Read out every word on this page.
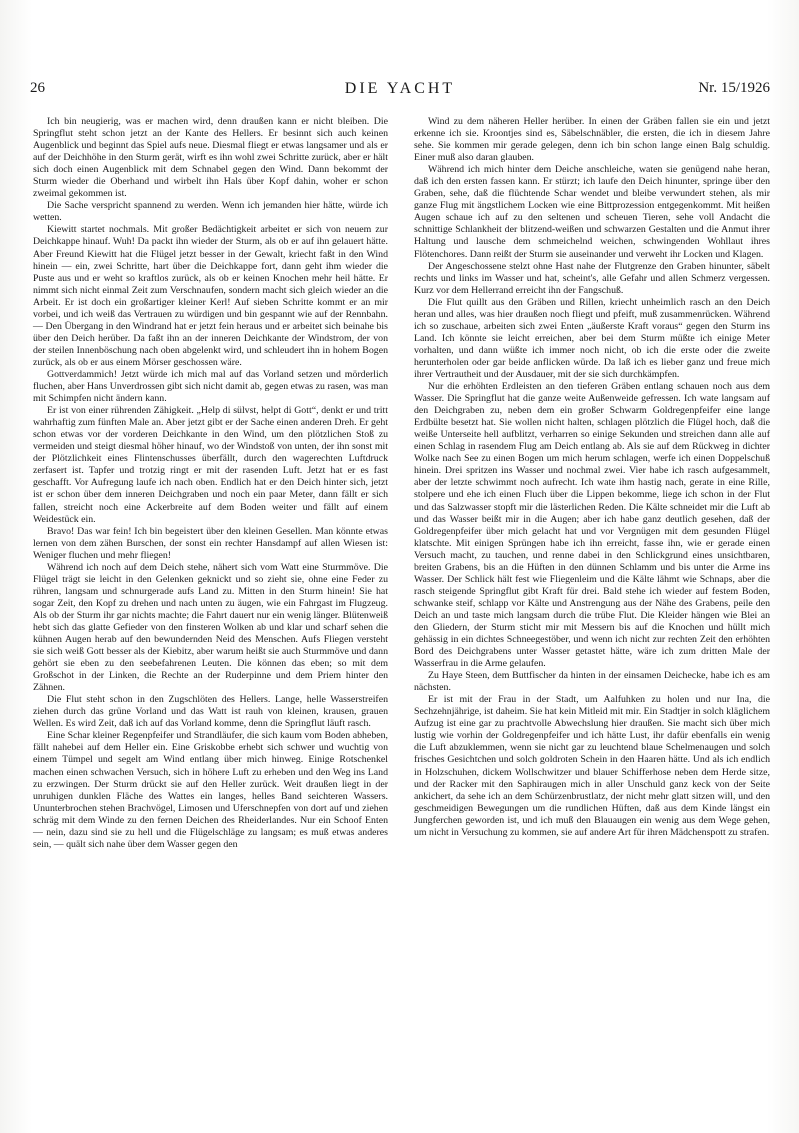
26	DIE YACHT	Nr. 15/1926

Ich bin neugierig, was er machen wird, denn draußen kann er nicht bleiben. Die Springflut steht schon jetzt an der Kante des Hellers. Er besinnt sich auch keinen Augenblick und beginnt das Spiel aufs neue. Diesmal fliegt er etwas langsamer und als er auf der Deichhöhe in den Sturm gerät, wirft es ihn wohl zwei Schritte zurück, aber er hält sich doch einen Augenblick mit dem Schnabel gegen den Wind. Dann bekommt der Sturm wieder die Oberhand und wirbelt ihn Hals über Kopf dahin, woher er schon zweimal gekommen ist.

Die Sache verspricht spannend zu werden. Wenn ich jemanden hier hätte, würde ich wetten.

Kiewitt startet nochmals. Mit großer Bedächtigkeit arbeitet er sich von neuem zur Deichkappe hinauf. Wuh! Da packt ihn wieder der Sturm, als ob er auf ihn gelauert hätte. Aber Freund Kiewitt hat die Flügel jetzt besser in der Gewalt, kriecht faßt in den Wind hinein — ein, zwei Schritte, hart über die Deichkappe fort, dann geht ihm wieder die Puste aus und er weht so kraftlos zurück, als ob er keinen Knochen mehr heil hätte. Er nimmt sich nicht einmal Zeit zum Verschnaufen, sondern macht sich gleich wieder an die Arbeit. Er ist doch ein großartiger kleiner Kerl! Auf sieben Schritte kommt er an mir vorbei, und ich weiß das Vertrauen zu würdigen und bin gespannt wie auf der Rennbahn. — Den Übergang in den Windrand hat er jetzt fein heraus und er arbeitet sich beinahe bis über den Deich herüber. Da faßt ihn an der inneren Deichkante der Windstrom, der von der steilen Innenböschung nach oben abgelenkt wird, und schleudert ihn in hohem Bogen zurück, als ob er aus einem Mörser geschossen wäre.

Gottverdammich! Jetzt würde ich mich mal auf das Vorland setzen und mörderlich fluchen, aber Hans Unverdrossen gibt sich nicht damit ab, gegen etwas zu rasen, was man mit Schimpfen nicht ändern kann.

Er ist von einer rührenden Zähigkeit. „Help di sülvst, helpt di Gott“, denkt er und tritt wahrhaftig zum fünften Male an. Aber jetzt gibt er der Sache einen anderen Dreh. Er geht schon etwas vor der vorderen Deichkante in den Wind, um den plötzlichen Stoß zu vermeiden und steigt diesmal höher hinauf, wo der Windstoß von unten, der ihn sonst mit der Plötzlichkeit eines Flintenschusses überfällt, durch den wagerechten Luftdruck zerfasert ist. Tapfer und trotzig ringt er mit der rasenden Luft. Jetzt hat er es fast geschafft. Vor Aufregung laufe ich nach oben. Endlich hat er den Deich hinter sich, jetzt ist er schon über dem inneren Deichgraben und noch ein paar Meter, dann fällt er sich fallen, streicht noch eine Ackerbreite auf dem Boden weiter und fällt auf einem Weidestück ein.

Bravo! Das war fein! Ich bin begeistert über den kleinen Gesellen. Man könnte etwas lernen von dem zähen Burschen, der sonst ein rechter Hansdampf auf allen Wiesen ist: Weniger fluchen und mehr fliegen!

Während ich noch auf dem Deich stehe, nähert sich vom Watt eine Sturmmöve. Die Flügel trägt sie leicht in den Gelenken geknickt und so zieht sie, ohne eine Feder zu rühren, langsam und schnurgerade aufs Land zu. Mitten in den Sturm hinein! Sie hat sogar Zeit, den Kopf zu drehen und nach unten zu äugen, wie ein Fahrgast im Flugzeug. Als ob der Sturm ihr gar nichts machte; die Fahrt dauert nur ein wenig länger. Blütenweiß hebt sich das glatte Gefieder von den finsteren Wolken ab und klar und scharf sehen die kühnen Augen herab auf den bewundernden Neid des Menschen. Aufs Fliegen versteht sie sich weiß Gott besser als der Kiebitz, aber warum heißt sie auch Sturmmöve und dann gehört sie eben zu den seebefahrenen Leuten. Die können das eben; so mit dem Großschot in der Linken, die Rechte an der Ruderpinne und dem Priem hinter den Zähnen.

Die Flut steht schon in den Zugschlöten des Hellers. Lange, helle Wasserstreifen ziehen durch das grüne Vorland und das Watt ist rauh von kleinen, krausen, grauen Wellen. Es wird Zeit, daß ich auf das Vorland komme, denn die Springflut läuft rasch.

Eine Schar kleiner Regenpfeifer und Strandläufer, die sich kaum vom Boden abheben, fällt nahebei auf dem Heller ein. Eine Griskobbe erhebt sich schwer und wuchtig von einem Tümpel und segelt am Wind entlang über mich hinweg. Einige Rotschenkel machen einen schwachen Versuch, sich in höhere Luft zu erheben und den Weg ins Land zu erzwingen. Der Sturm drückt sie auf den Heller zurück. Weit draußen liegt in der unruhigen dunklen Fläche des Wattes ein langes, helles Band seichteren Wassers. Ununterbrochen stehen Brachvögel, Limosen und Uferschnepfen von dort auf und ziehen schräg mit dem Winde zu den fernen Deichen des Rheiderlandes. Nur ein Schoof Enten — nein, dazu sind sie zu hell und die Flügelschläge zu langsam; es muß etwas anderes sein, — quält sich nahe über dem Wasser gegen den

Wind zu dem näheren Heller herüber. In einen der Gräben fallen sie ein und jetzt erkenne ich sie. Kroontjes sind es, Säbelschnäbler, die ersten, die ich in diesem Jahre sehe. Sie kommen mir gerade gelegen, denn ich bin schon lange einen Balg schuldig. Einer muß also daran glauben.

Während ich mich hinter dem Deiche anschleiche, waten sie genügend nahe heran, daß ich den ersten fassen kann. Er stürzt; ich laufe den Deich hinunter, springe über den Graben, sehe, daß die flüchtende Schar wendet und bleibe verwundert stehen, als mir ganze Flug mit ängstlichem Locken wie eine Bittprozession entgegenkommt. Mit heißen Augen schaue ich auf zu den seltenen und scheuen Tieren, sehe voll Andacht die schnittige Schlankheit der blitzend-weißen und schwarzen Gestalten und die Anmut ihrer Haltung und lausche dem schmeichelnd weichen, schwingenden Wohllaut ihres Flötenchores. Dann reißt der Sturm sie auseinander und verweht ihr Locken und Klagen.

Der Angeschossene stelzt ohne Hast nahe der Flutgrenze den Graben hinunter, säbelt rechts und links im Wasser und hat, scheint's, alle Gefahr und allen Schmerz vergessen. Kurz vor dem Hellerrand erreicht ihn der Fangschuß.

Die Flut quillt aus den Gräben und Rillen, kriecht unheimlich rasch an den Deich heran und alles, was hier draußen noch fliegt und pfeift, muß zusammenrücken. Während ich so zuschaue, arbeiten sich zwei Enten „äußerste Kraft voraus“ gegen den Sturm ins Land. Ich könnte sie leicht erreichen, aber bei dem Sturm müßte ich einige Meter vorhalten, und dann wüßte ich immer noch nicht, ob ich die erste oder die zweite herunterholen oder gar beide anflicken würde. Da laß ich es lieber ganz und freue mich ihrer Vertrautheit und der Ausdauer, mit der sie sich durchkämpfen.

Nur die erhöhten Erdleisten an den tieferen Gräben entlang schauen noch aus dem Wasser. Die Springflut hat die ganze weite Außenweide gefressen. Ich wate langsam auf den Deichgraben zu, neben dem ein großer Schwarm Goldregenpfeifer eine lange Erdbülte besetzt hat. Sie wollen nicht halten, schlagen plötzlich die Flügel hoch, daß die weiße Unterseite hell aufblitzt, verharren so einige Sekunden und streichen dann alle auf einen Schlag in rasendem Flug am Deich entlang ab. Als sie auf dem Rückweg in dichter Wolke nach See zu einen Bogen um mich herum schlagen, werfe ich einen Doppelschuß hinein. Drei spritzen ins Wasser und nochmal zwei. Vier habe ich rasch aufgesammelt, aber der letzte schwimmt noch aufrecht. Ich wate ihm hastig nach, gerate in eine Rille, stolpere und ehe ich einen Fluch über die Lippen bekomme, liege ich schon in der Flut und das Salzwasser stopft mir die lästerlichen Reden. Die Kälte schneidet mir die Luft ab und das Wasser beißt mir in die Augen; aber ich habe ganz deutlich gesehen, daß der Goldregenpfeifer über mich gelacht hat und vor Vergnügen mit dem gesunden Flügel klatschte. Mit einigen Sprüngen habe ich ihn erreicht, fasse ihn, wie er gerade einen Versuch macht, zu tauchen, und renne dabei in den Schlickgrund eines unsichtbaren, breiten Grabens, bis an die Hüften in den dünnen Schlamm und bis unter die Arme ins Wasser. Der Schlick hält fest wie Fliegenleim und die Kälte lähmt wie Schnaps, aber die rasch steigende Springflut gibt Kraft für drei. Bald stehe ich wieder auf festem Boden, schwanke steif, schlapp vor Kälte und Anstrengung aus der Nähe des Grabens, peile den Deich an und taste mich langsam durch die trübe Flut. Die Kleider hängen wie Blei an den Gliedern, der Sturm sticht mir mit Messern bis auf die Knochen und hüllt mich gehässig in ein dichtes Schneegestöber, und wenn ich nicht zur rechten Zeit den erhöhten Bord des Deichgrabens unter Wasser getastet hätte, wäre ich zum dritten Male der Wasserfrau in die Arme gelaufen.

Zu Haye Steen, dem Buttfischer da hinten in der einsamen Deichecke, habe ich es am nächsten.

Er ist mit der Frau in der Stadt, um Aalfuhken zu holen und nur Ina, die Sechzehnjährige, ist daheim. Sie hat kein Mitleid mit mir. Ein Stadtjer in solch kläglichem Aufzug ist eine gar zu prachtvolle Abwechslung hier draußen. Sie macht sich über mich lustig wie vorhin der Goldregenpfeifer und ich hätte Lust, ihr dafür ebenfalls ein wenig die Luft abzuklemmen, wenn sie nicht gar zu leuchtend blaue Schelmenaugen und solch frisches Gesichtchen und solch goldroten Schein in den Haaren hätte. Und als ich endlich in Holzschuhen, dickem Wollschwitzer und blauer Schifferhose neben dem Herde sitze, und der Racker mit den Saphiraugen mich in aller Unschuld ganz keck von der Seite ankichert, da sehe ich an dem Schürzenbrustlatz, der nicht mehr glatt sitzen will, und den geschmeidigen Bewegungen um die rundlichen Hüften, daß aus dem Kinde längst ein Jungferchen geworden ist, und ich muß den Blauaugen ein wenig aus dem Wege gehen, um nicht in Versuchung zu kommen, sie auf andere Art für ihren Mädchenspott zu strafen.
